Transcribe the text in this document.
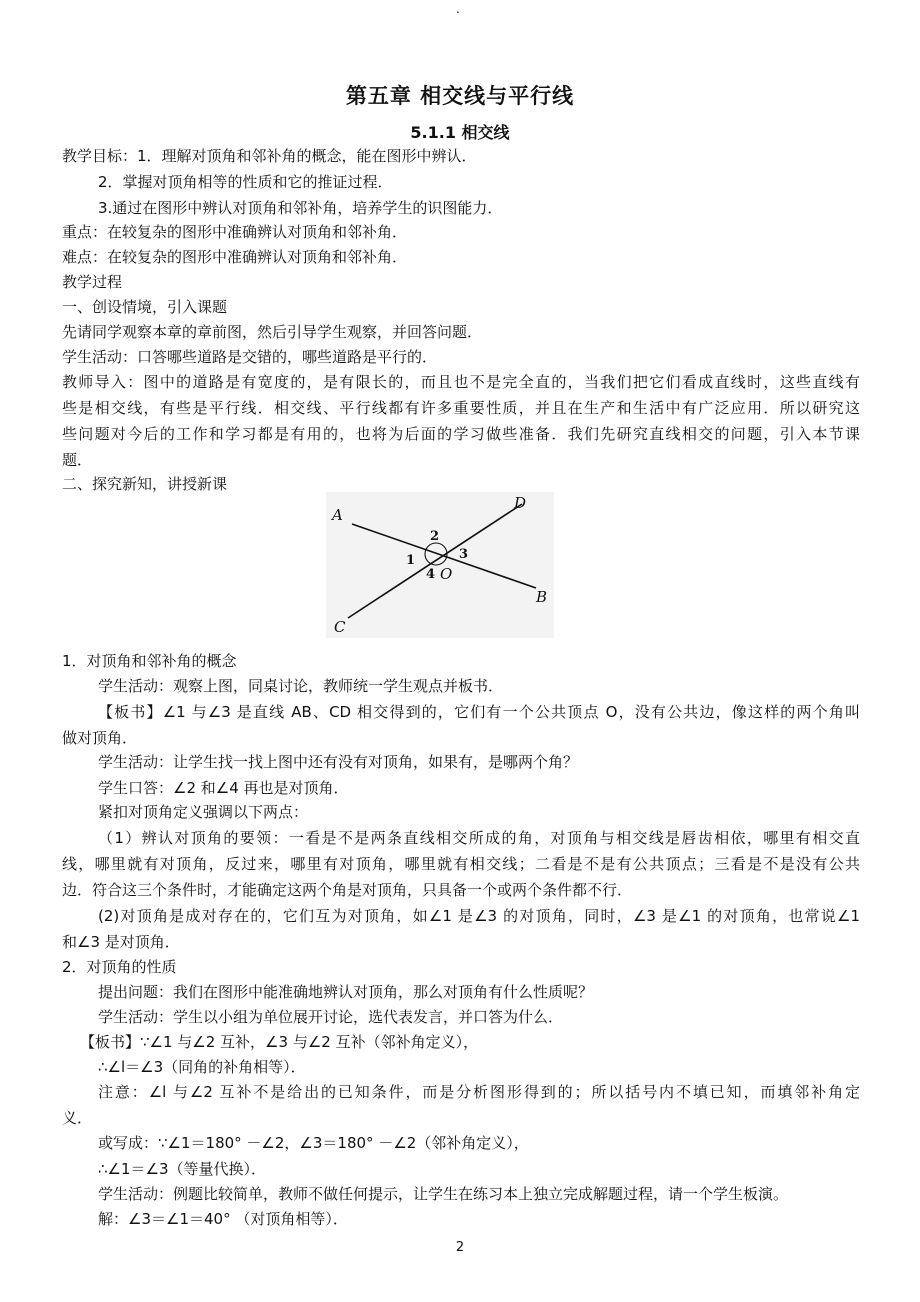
.
第五章 相交线与平行线
5.1.1 相交线
教学目标：1．理解对顶角和邻补角的概念，能在图形中辨认．
2．掌握对顶角相等的性质和它的推证过程．
3.通过在图形中辨认对顶角和邻补角，培养学生的识图能力．
重点：在较复杂的图形中准确辨认对顶角和邻补角．
难点：在较复杂的图形中准确辨认对顶角和邻补角．
教学过程
一、创设情境，引入课题
先请同学观察本章的章前图，然后引导学生观察，并回答问题．
学生活动：口答哪些道路是交错的，哪些道路是平行的．
教师导入：图中的道路是有宽度的，是有限长的，而且也不是完全直的，当我们把它们看成直线时，这些直线有
些是相交线，有些是平行线．相交线、平行线都有许多重要性质，并且在生产和生活中有广泛应用．所以研究这
些问题对今后的工作和学习都是有用的，也将为后面的学习做些准备．我们先研究直线相交的问题，引入本节课
题．
二、探究新知，讲授新课
A
D
B
C
O
1
2
3
4
1．对顶角和邻补角的概念
学生活动：观察上图，同桌讨论，教师统一学生观点并板书．
【板书】∠1 与∠3 是直线 AB、CD 相交得到的，它们有一个公共顶点 O，没有公共边，像这样的两个角叫
做对顶角．
学生活动：让学生找一找上图中还有没有对顶角，如果有，是哪两个角？
学生口答：∠2 和∠4 再也是对顶角．
紧扣对顶角定义强调以下两点：
（1）辨认对顶角的要领：一看是不是两条直线相交所成的角，对顶角与相交线是唇齿相依，哪里有相交直
线，哪里就有对顶角，反过来，哪里有对顶角，哪里就有相交线；二看是不是有公共顶点；三看是不是没有公共
边．符合这三个条件时，才能确定这两个角是对顶角，只具备一个或两个条件都不行．
(2)对顶角是成对存在的，它们互为对顶角，如∠1 是∠3 的对顶角，同时，∠3 是∠1 的对顶角，也常说∠1
和∠3 是对顶角．
2．对顶角的性质
提出问题：我们在图形中能准确地辨认对顶角，那么对顶角有什么性质呢？
学生活动：学生以小组为单位展开讨论，选代表发言，并口答为什么．
【板书】∵∠1 与∠2 互补，∠3 与∠2 互补（邻补角定义），
∴∠l＝∠3（同角的补角相等）．
注意：∠l 与∠2 互补不是给出的已知条件，而是分析图形得到的；所以括号内不填已知，而填邻补角定
义．
或写成：∵∠1＝180° －∠2，∠3＝180° －∠2（邻补角定义），
∴∠1＝∠3（等量代换）．
学生活动：例题比较简单，教师不做任何提示，让学生在练习本上独立完成解题过程，请一个学生板演。
解：∠3＝∠1＝40° （对顶角相等）．
2
